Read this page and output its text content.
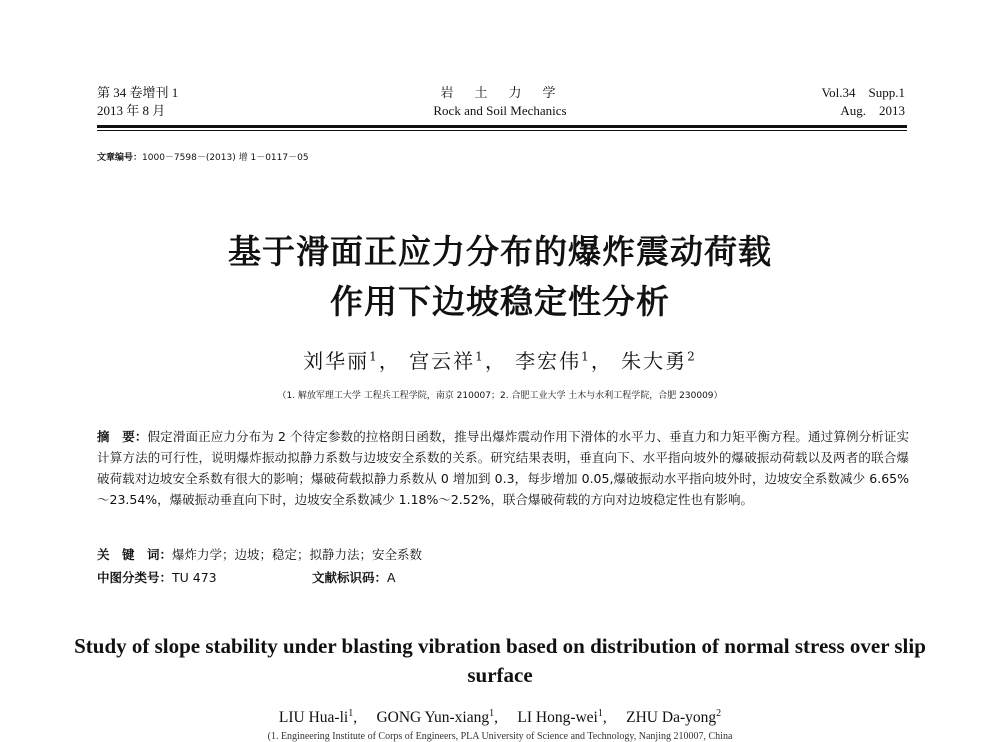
第 34 卷增刊 1
2013 年 8 月
岩　土　力　学
Rock and Soil Mechanics
Vol.34　Supp.1
Aug.　2013
文章编号：1000－7598－(2013) 增 1－0117－05
基于滑面正应力分布的爆炸震动荷载
作用下边坡稳定性分析
刘华丽$^1$， 宫云祥$^1$， 李宏伟$^1$， 朱大勇$^2$
（1. 解放军理工大学 工程兵工程学院，南京 210007；2. 合肥工业大学 土木与水利工程学院，合肥 230009）
摘　要：假定滑面正应力分布为 2 个待定参数的拉格朗日函数，推导出爆炸震动作用下滑体的水平力、垂直力和力矩平衡方程。通过算例分析证实计算方法的可行性，说明爆炸振动拟静力系数与边坡安全系数的关系。研究结果表明，垂直向下、水平指向坡外的爆破振动荷载以及两者的联合爆破荷载对边坡安全系数有很大的影响；爆破荷载拟静力系数从 0 增加到 0.3，每步增加 0.05,爆破振动水平指向坡外时，边坡安全系数减少 6.65%～23.54%，爆破振动垂直向下时，边坡安全系数减少 1.18%～2.52%，联合爆破荷载的方向对边坡稳定性也有影响。
关　键　词：爆炸力学；边坡；稳定；拟静力法；安全系数
中图分类号：TU 473	文献标识码：A
Study of slope stability under blasting vibration based on distribution of normal stress over slip surface
LIU Hua-$li^1$,　 GONG Yun-xiang$^1$,　 LI Hong-wei$^1$,　 ZHU Da-yong$^2$
(1. Engineering Institute of Corps of Engineers, PLA University of Science and Technology, Nanjing 210007, China
